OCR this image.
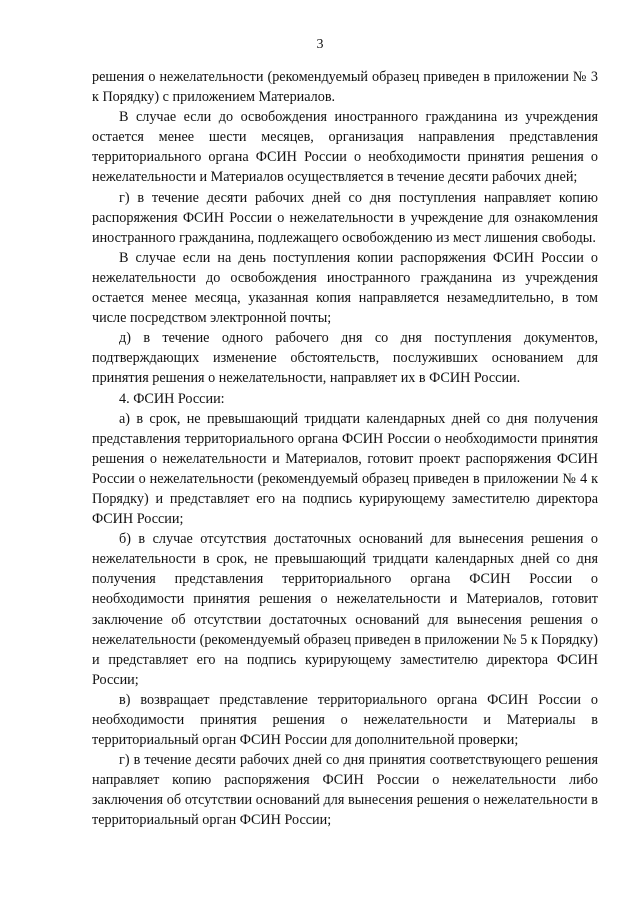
3

решения о нежелательности (рекомендуемый образец приведен в приложении № 3 к Порядку) с приложением Материалов.

В случае если до освобождения иностранного гражданина из учреждения остается менее шести месяцев, организация направления представления территориального органа ФСИН России о необходимости принятия решения о нежелательности и Материалов осуществляется в течение десяти рабочих дней;

г) в течение десяти рабочих дней со дня поступления направляет копию распоряжения ФСИН России о нежелательности в учреждение для ознакомления иностранного гражданина, подлежащего освобождению из мест лишения свободы.

В случае если на день поступления копии распоряжения ФСИН России о нежелательности до освобождения иностранного гражданина из учреждения остается менее месяца, указанная копия направляется незамедлительно, в том числе посредством электронной почты;

д) в течение одного рабочего дня со дня поступления документов, подтверждающих изменение обстоятельств, послуживших основанием для принятия решения о нежелательности, направляет их в ФСИН России.

4. ФСИН России:

а) в срок, не превышающий тридцати календарных дней со дня получения представления территориального органа ФСИН России о необходимости принятия решения о нежелательности и Материалов, готовит проект распоряжения ФСИН России о нежелательности (рекомендуемый образец приведен в приложении № 4 к Порядку) и представляет его на подпись курирующему заместителю директора ФСИН России;

б) в случае отсутствия достаточных оснований для вынесения решения о нежелательности в срок, не превышающий тридцати календарных дней со дня получения представления территориального органа ФСИН России о необходимости принятия решения о нежелательности и Материалов, готовит заключение об отсутствии достаточных оснований для вынесения решения о нежелательности (рекомендуемый образец приведен в приложении № 5 к Порядку) и представляет его на подпись курирующему заместителю директора ФСИН России;

в) возвращает представление территориального органа ФСИН России о необходимости принятия решения о нежелательности и Материалы в территориальный орган ФСИН России для дополнительной проверки;

г) в течение десяти рабочих дней со дня принятия соответствующего решения направляет копию распоряжения ФСИН России о нежелательности либо заключения об отсутствии оснований для вынесения решения о нежелательности в территориальный орган ФСИН России;
